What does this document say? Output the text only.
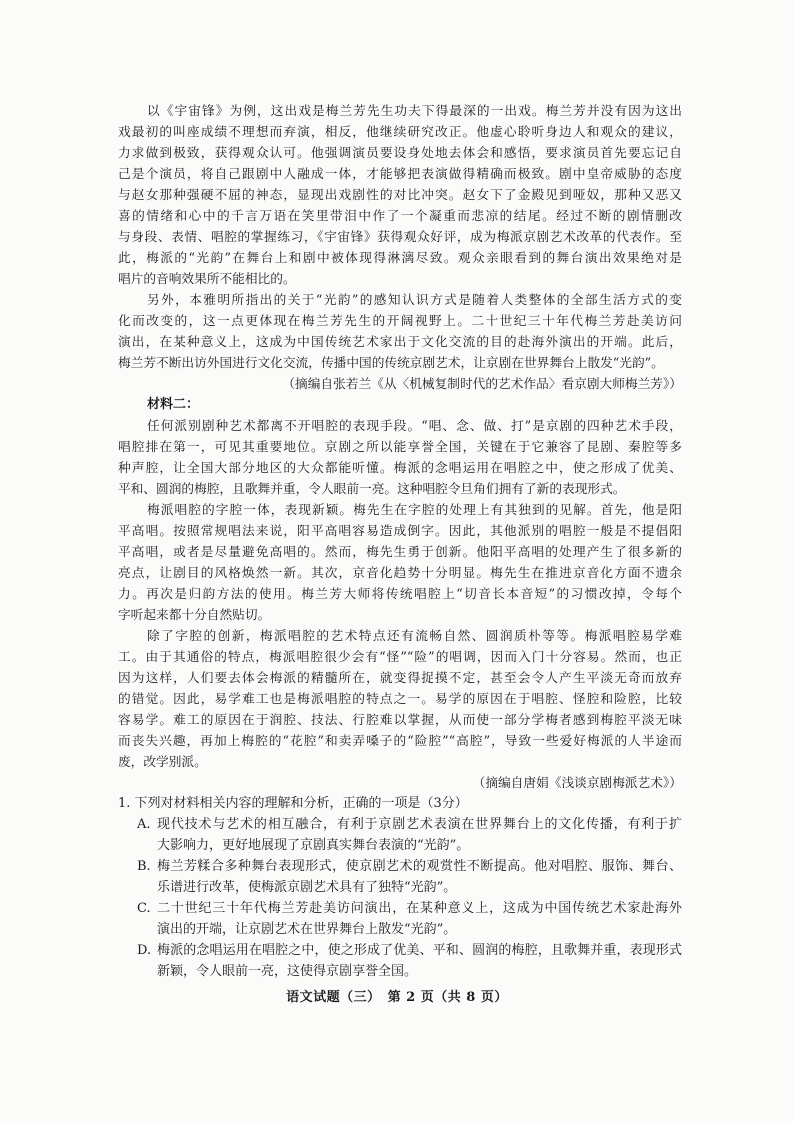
以《宇宙锋》为例，这出戏是梅兰芳先生功夫下得最深的一出戏。梅兰芳并没有因为这出
戏最初的叫座成绩不理想而弃演，相反，他继续研究改正。他虚心聆听身边人和观众的建议，
力求做到极致，获得观众认可。他强调演员要设身处地去体会和感悟，要求演员首先要忘记自
己是个演员，将自己跟剧中人融成一体，才能够把表演做得精确而极致。剧中皇帝威胁的态度
与赵女那种强硬不屈的神态，显现出戏剧性的对比冲突。赵女下了金殿见到哑奴，那种又恶又
喜的情绪和心中的千言万语在笑里带泪中作了一个凝重而悲凉的结尾。经过不断的剧情删改
与身段、表情、唱腔的掌握练习，《宇宙锋》获得观众好评，成为梅派京剧艺术改革的代表作。至
此，梅派的“光韵”在舞台上和剧中被体现得淋漓尽致。观众亲眼看到的舞台演出效果绝对是
唱片的音响效果所不能相比的。
另外，本雅明所指出的关于“光韵”的感知认识方式是随着人类整体的全部生活方式的变
化而改变的，这一点更体现在梅兰芳先生的开阔视野上。二十世纪三十年代梅兰芳赴美访问
演出，在某种意义上，这成为中国传统艺术家出于文化交流的目的赴海外演出的开端。此后，
梅兰芳不断出访外国进行文化交流，传播中国的传统京剧艺术，让京剧在世界舞台上散发“光韵”。
（摘编自张若兰《从〈机械复制时代的艺术作品〉看京剧大师梅兰芳》）
材料二：
任何派别剧种艺术都离不开唱腔的表现手段。“唱、念、做、打”是京剧的四种艺术手段，
唱腔排在第一，可见其重要地位。京剧之所以能享誉全国，关键在于它兼容了昆剧、秦腔等多
种声腔，让全国大部分地区的大众都能听懂。梅派的念唱运用在唱腔之中，使之形成了优美、
平和、圆润的梅腔，且歌舞并重，令人眼前一亮。这种唱腔令旦角们拥有了新的表现形式。
梅派唱腔的字腔一体，表现新颖。梅先生在字腔的处理上有其独到的见解。首先，他是阳
平高唱。按照常规唱法来说，阳平高唱容易造成倒字。因此，其他派别的唱腔一般是不提倡阳
平高唱，或者是尽量避免高唱的。然而，梅先生勇于创新。他阳平高唱的处理产生了很多新的
亮点，让剧目的风格焕然一新。其次，京音化趋势十分明显。梅先生在推进京音化方面不遗余
力。再次是归韵方法的使用。梅兰芳大师将传统唱腔上“切音长本音短”的习惯改掉，令每个
字听起来都十分自然贴切。
除了字腔的创新，梅派唱腔的艺术特点还有流畅自然、圆润质朴等等。梅派唱腔易学难
工。由于其通俗的特点，梅派唱腔很少会有“怪”“险”的唱调，因而入门十分容易。然而，也正
因为这样，人们要去体会梅派的精髓所在，就变得捉摸不定，甚至会令人产生平淡无奇而放弃
的错觉。因此，易学难工也是梅派唱腔的特点之一。易学的原因在于唱腔、怪腔和险腔，比较
容易学。难工的原因在于润腔、技法、行腔难以掌握，从而使一部分学梅者感到梅腔平淡无味
而丧失兴趣，再加上梅腔的“花腔”和卖弄嗓子的“险腔”“高腔”，导致一些爱好梅派的人半途而
废，改学别派。
（摘编自唐娟《浅谈京剧梅派艺术》）
1. 下列对材料相关内容的理解和分析，正确的一项是（3分）
A. 现代技术与艺术的相互融合，有利于京剧艺术表演在世界舞台上的文化传播，有利于扩
大影响力，更好地展现了京剧真实舞台表演的“光韵”。
B. 梅兰芳糅合多种舞台表现形式，使京剧艺术的观赏性不断提高。他对唱腔、服饰、舞台、
乐谱进行改革，使梅派京剧艺术具有了独特“光韵”。
C. 二十世纪三十年代梅兰芳赴美访问演出，在某种意义上，这成为中国传统艺术家赴海外
演出的开端，让京剧艺术在世界舞台上散发“光韵”。
D. 梅派的念唱运用在唱腔之中，使之形成了优美、平和、圆润的梅腔，且歌舞并重，表现形式
新颖，令人眼前一亮，这使得京剧享誉全国。
语文试题（三）　第 2 页（共 8 页）
